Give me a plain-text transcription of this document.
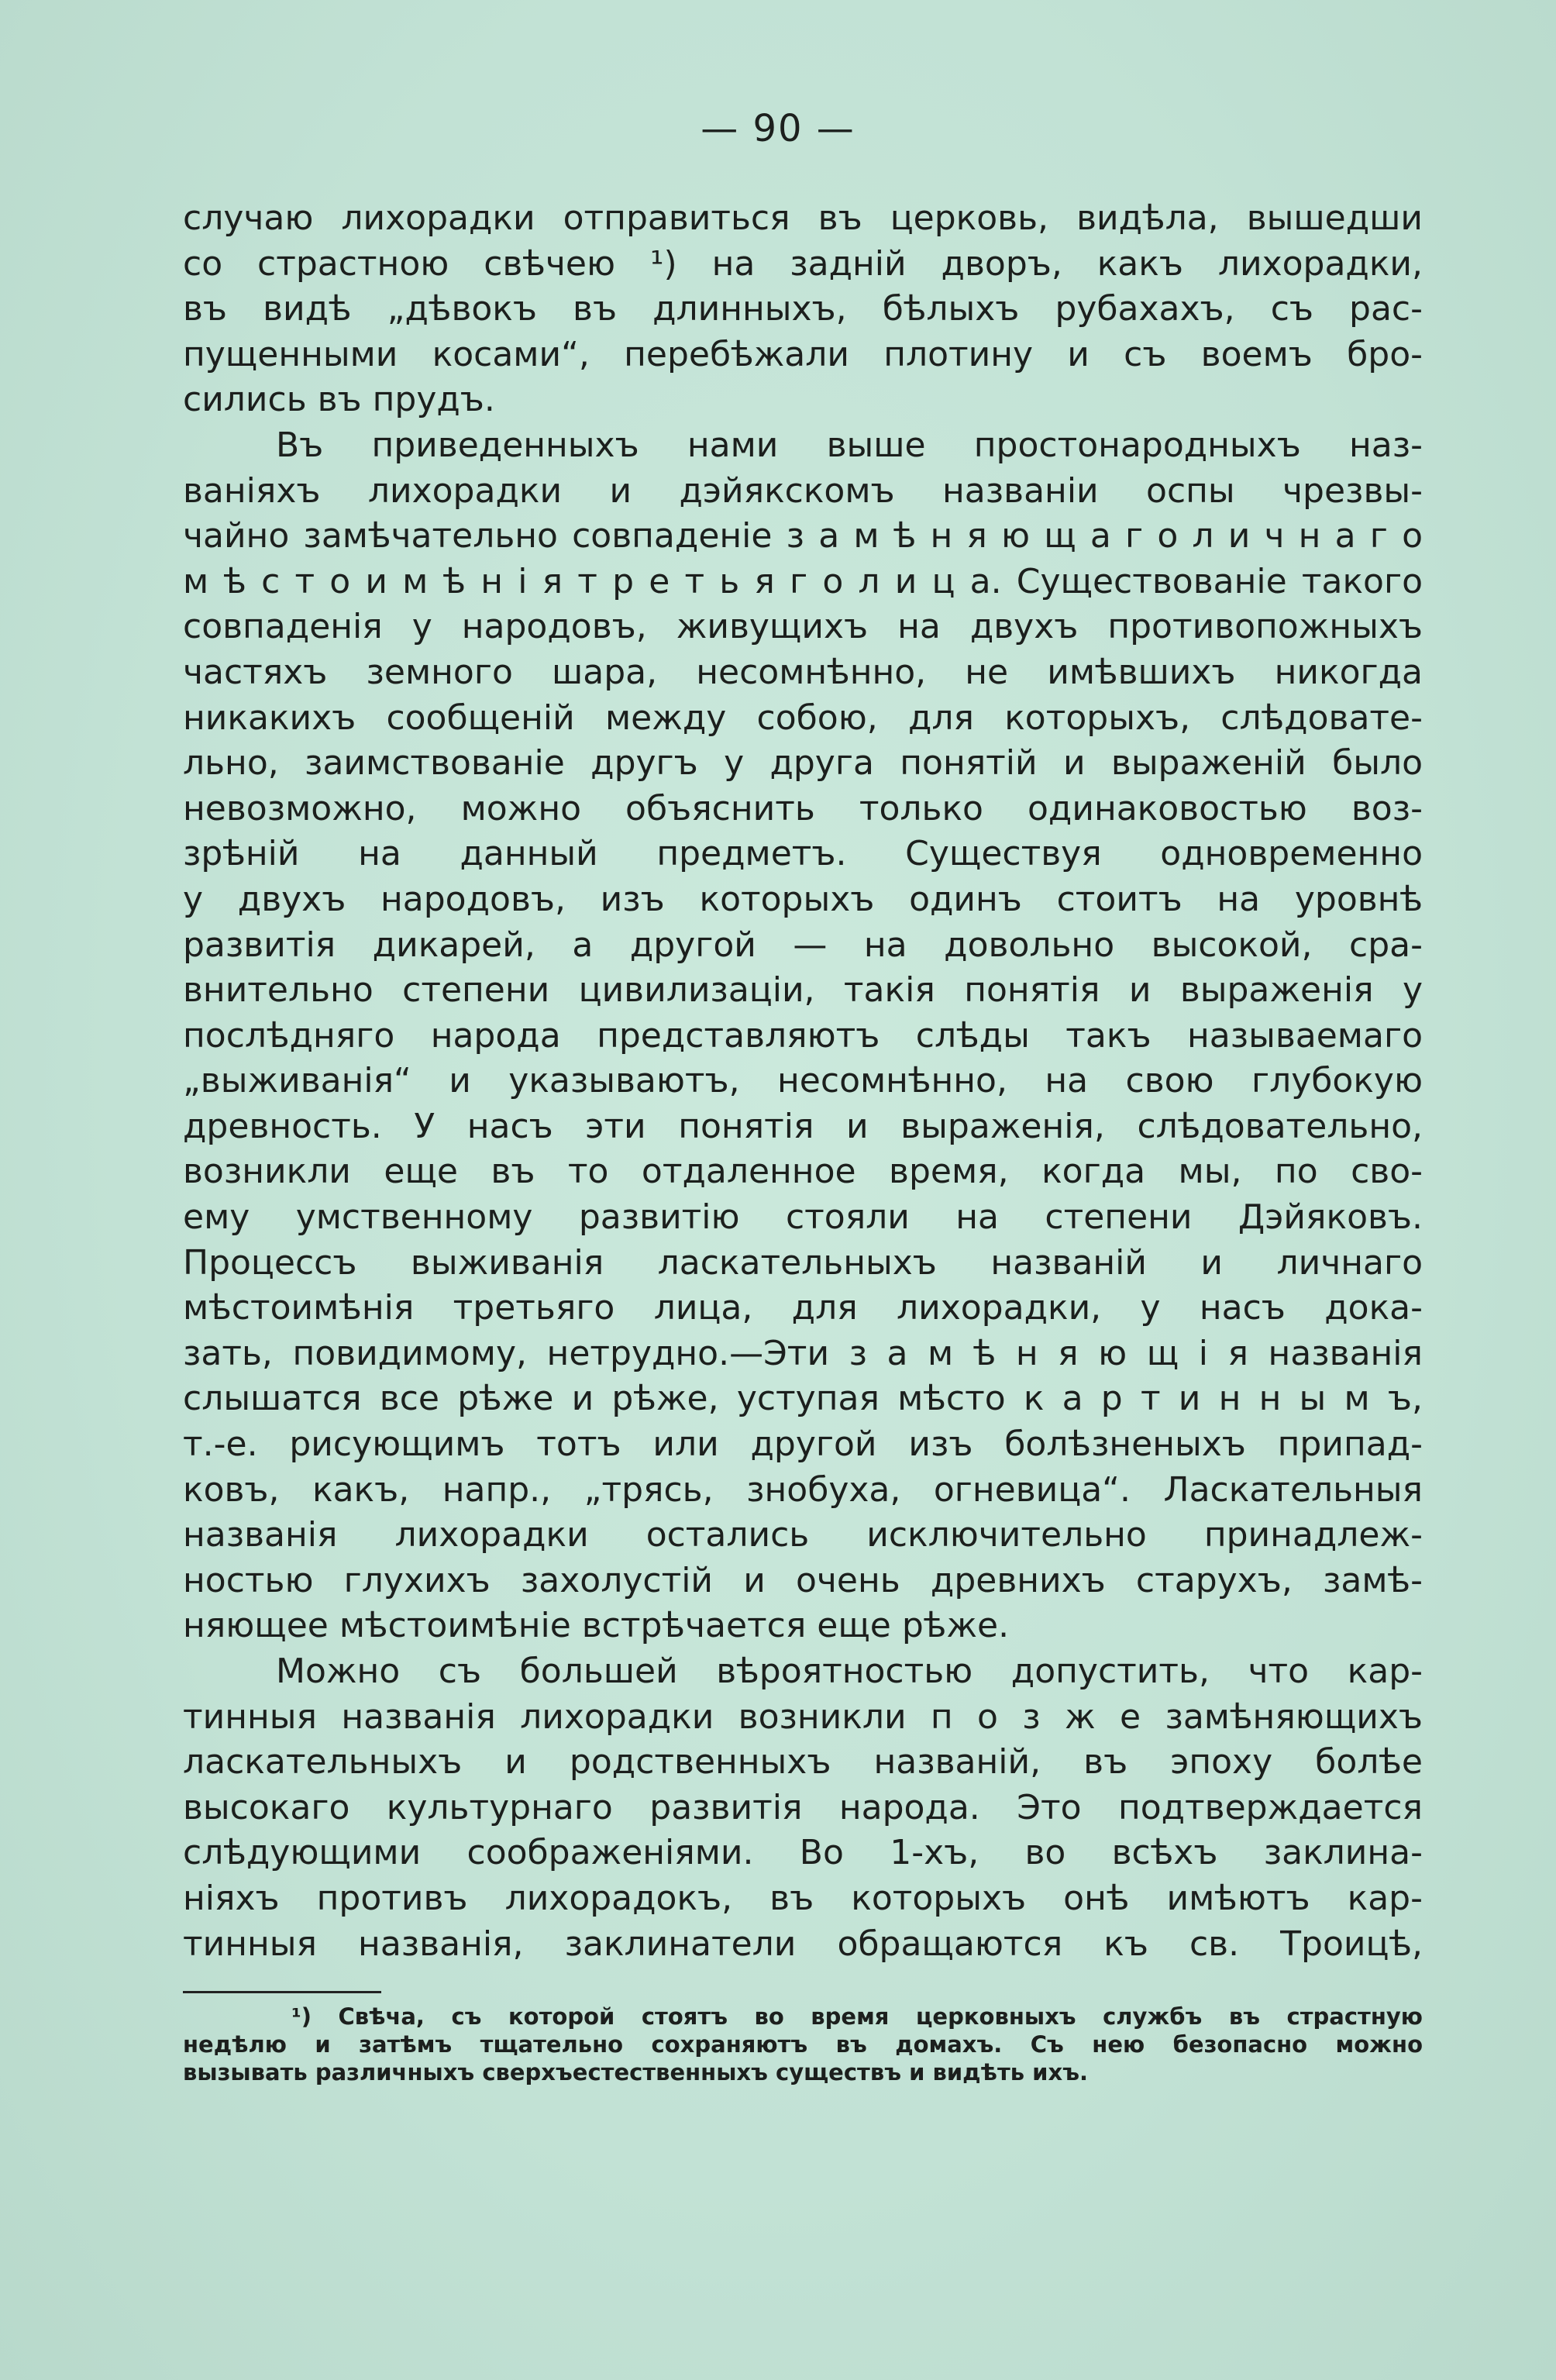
— 90 —
случаю лихорадки отправиться въ церковь, видѣла, вышедши
со страстною свѣчею ¹) на задній дворъ, какъ лихорадки,
въ видѣ „дѣвокъ въ длинныхъ, бѣлыхъ рубахахъ, съ рас-
пущенными косами“, перебѣжали плотину и съ воемъ бро-
сились въ прудъ.
Въ приведенныхъ нами выше простонародныхъ наз-
ваніяхъ лихорадки и дэйякскомъ названіи оспы чрезвы-
чайно замѣчательно совпаденіе з а м ѣ н я ю щ а г о л и ч н а г о
м ѣ с т о и м ѣ н і я т р е т ь я г о л и ц а. Существованіе такого
совпаденія у народовъ, живущихъ на двухъ противопожныхъ
частяхъ земного шара, несомнѣнно, не имѣвшихъ никогда
никакихъ сообщеній между собою, для которыхъ, слѣдовате-
льно, заимствованіе другъ у друга понятій и выраженій было
невозможно, можно объяснить только одинаковостью воз-
зрѣній на данный предметъ. Существуя одновременно
у двухъ народовъ, изъ которыхъ одинъ стоитъ на уровнѣ
развитія дикарей, а другой — на довольно высокой, сра-
внительно степени цивилизаціи, такія понятія и выраженія у
послѣдняго народа представляютъ слѣды такъ называемаго
„выживанія“ и указываютъ, несомнѣнно, на свою глубокую
древность. У насъ эти понятія и выраженія, слѣдовательно,
возникли еще въ то отдаленное время, когда мы, по сво-
ему умственному развитію стояли на степени Дэйяковъ.
Процессъ выживанія ласкательныхъ названій и личнаго
мѣстоимѣнія третьяго лица, для лихорадки, у насъ дока-
зать, повидимому, нетрудно.—Эти з а м ѣ н я ю щ і я названія
слышатся все рѣже и рѣже, уступая мѣсто к а р т и н н ы м ъ,
т.-е. рисующимъ тотъ или другой изъ болѣзненыхъ припад-
ковъ, какъ, напр., „трясь, знобуха, огневица“. Ласкательныя
названія лихорадки остались исключительно принадлеж-
ностью глухихъ захолустій и очень древнихъ старухъ, замѣ-
няющее мѣстоимѣніе встрѣчается еще рѣже.
Можно съ большей вѣроятностью допустить, что кар-
тинныя названія лихорадки возникли п о з ж е замѣняющихъ
ласкательныхъ и родственныхъ названій, въ эпоху болѣе
высокаго культурнаго развитія народа. Это подтверждается
слѣдующими соображеніями. Во 1-хъ, во всѣхъ заклина-
ніяхъ противъ лихорадокъ, въ которыхъ онѣ имѣютъ кар-
тинныя названія, заклинатели обращаются къ св. Троицѣ,
¹) Свѣча, съ которой стоятъ во время церковныхъ службъ въ страстную
недѣлю и затѣмъ тщательно сохраняютъ въ домахъ. Съ нею безопасно можно
вызывать различныхъ сверхъестественныхъ существъ и видѣть ихъ.
